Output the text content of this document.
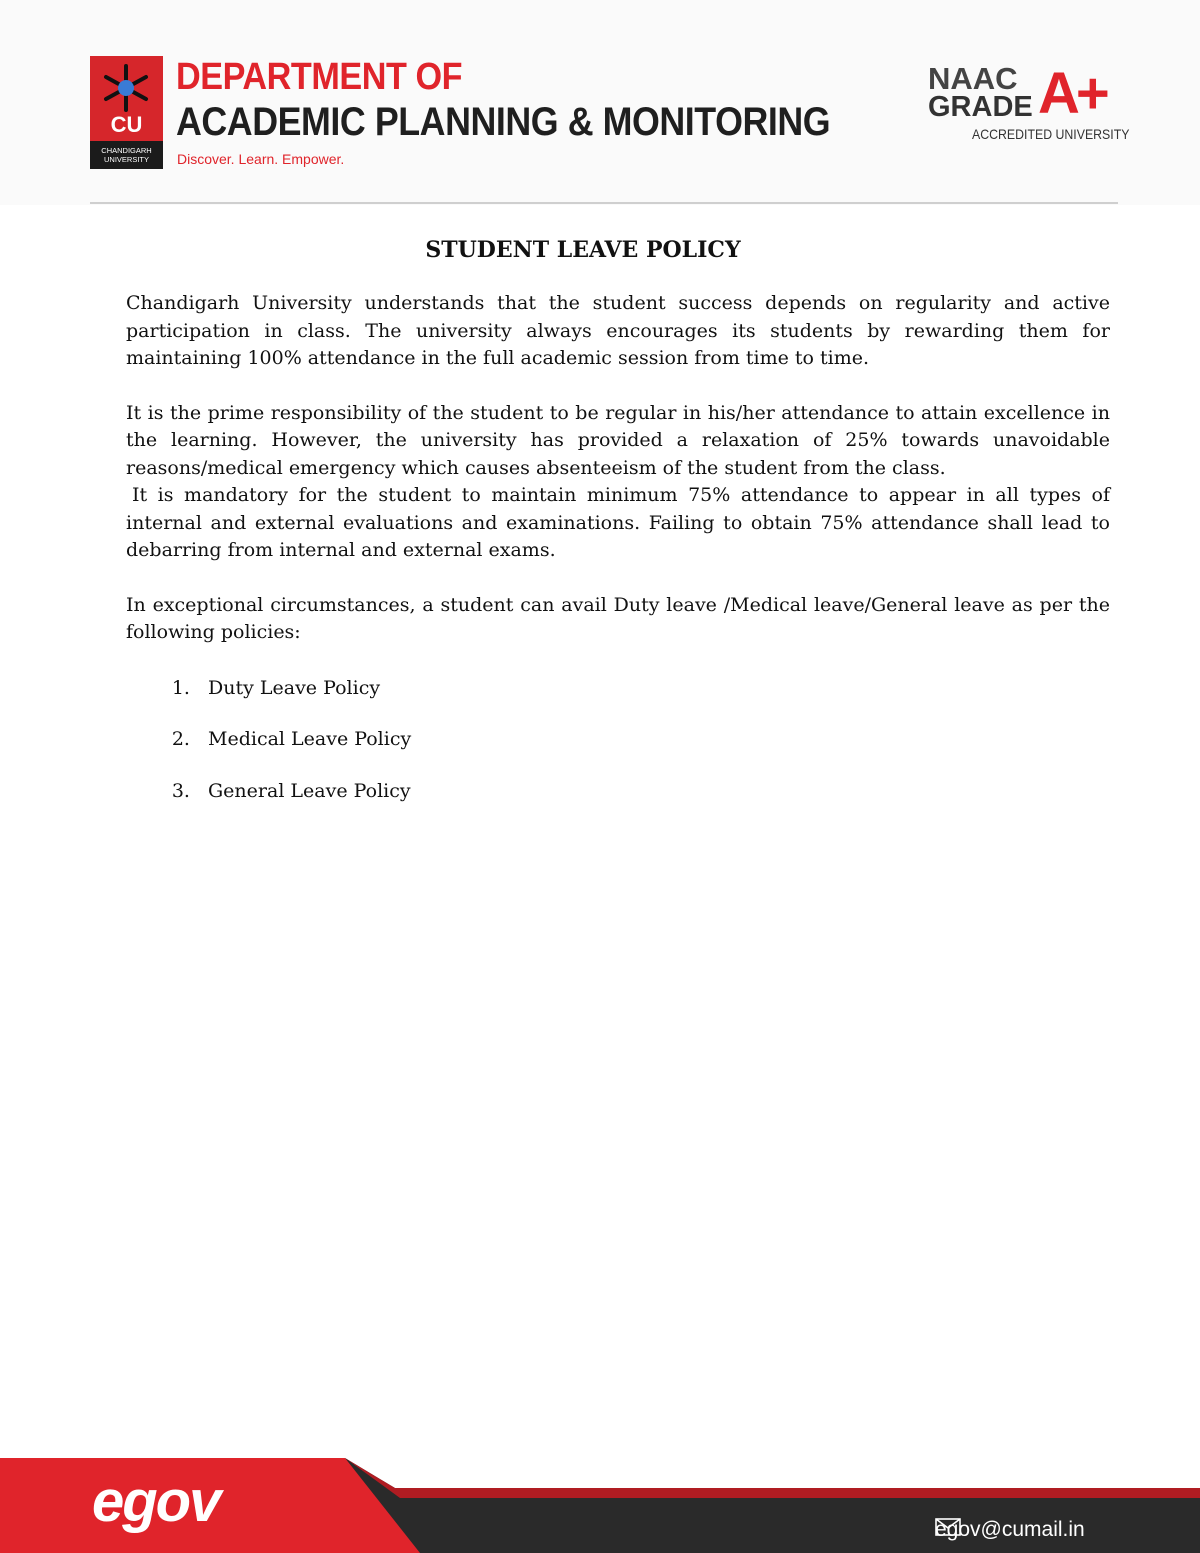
CU
CHANDIGARH UNIVERSITY
DEPARTMENT OF
ACADEMIC PLANNING & MONITORING
Discover. Learn. Empower.
NAAC
GRADE A+
ACCREDITED UNIVERSITY
STUDENT LEAVE POLICY

Chandigarh University understands that the student success depends on regularity and active participation in class. The university always encourages its students by rewarding them for maintaining 100% attendance in the full academic session from time to time.

It is the prime responsibility of the student to be regular in his/her attendance to attain excellence in the learning. However, the university has provided a relaxation of 25% towards unavoidable reasons/medical emergency which causes absenteeism of the student from the class.

It is mandatory for the student to maintain minimum 75% attendance to appear in all types of internal and external evaluations and examinations. Failing to obtain 75% attendance shall lead to debarring from internal and external exams.

In exceptional circumstances, a student can avail Duty leave /Medical leave/General leave as per the following policies:

1. Duty Leave Policy
2. Medical Leave Policy
3. General Leave Policy
egov	egov@cumail.in
